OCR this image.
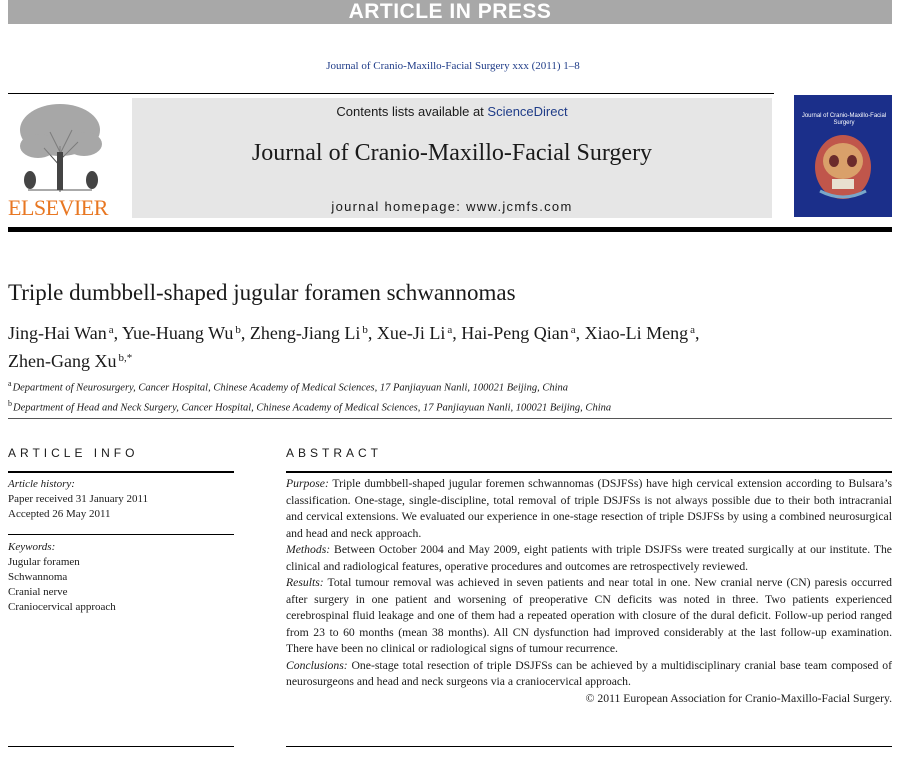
ARTICLE IN PRESS
Journal of Cranio-Maxillo-Facial Surgery xxx (2011) 1–8
ELSEVIER
Contents lists available at ScienceDirect
Journal of Cranio-Maxillo-Facial Surgery
journal homepage: www.jcmfs.com
Journal of Cranio-Maxillo-Facial Surgery
Triple dumbbell-shaped jugular foramen schwannomas
Jing-Hai Wan $^a$, Yue-Huang Wu $^b$, Zheng-Jiang Li $^b$, Xue-Ji Li $^a$, Hai-Peng Qian $^a$, Xiao-Li Meng $^a$,
Zhen-Gang Xu $^{b,*}$
$^a$Department of Neurosurgery, Cancer Hospital, Chinese Academy of Medical Sciences, 17 Panjiayuan Nanli, 100021 Beijing, China
$^b$Department of Head and Neck Surgery, Cancer Hospital, Chinese Academy of Medical Sciences, 17 Panjiayuan Nanli, 100021 Beijing, China
ARTICLE INFO	ABSTRACT
Article history:
Paper received 31 January 2011
Accepted 26 May 2011
Keywords:
Jugular foramen
Schwannoma
Cranial nerve
Craniocervical approach

Purpose: Triple dumbbell-shaped jugular foremen schwannomas (DSJFSs) have high cervical extension according to Bulsara’s classification. One-stage, single-discipline, total removal of triple DSJFSs is not always possible due to their both intracranial and cervical extensions. We evaluated our experience in one-stage resection of triple DSJFSs by using a combined neurosurgical and head and neck approach.

Methods: Between October 2004 and May 2009, eight patients with triple DSJFSs were treated surgically at our institute. The clinical and radiological features, operative procedures and outcomes are retrospectively reviewed.

Results: Total tumour removal was achieved in seven patients and near total in one. New cranial nerve (CN) paresis occurred after surgery in one patient and worsening of preoperative CN deficits was noted in three. Two patients experienced cerebrospinal fluid leakage and one of them had a repeated operation with closure of the dural deficit. Follow-up period ranged from 23 to 60 months (mean 38 months). All CN dysfunction had improved considerably at the last follow-up examination. There have been no clinical or radiological signs of tumour recurrence.

Conclusions: One-stage total resection of triple DSJFSs can be achieved by a multidisciplinary cranial base team composed of neurosurgeons and head and neck surgeons via a craniocervical approach.

© 2011 European Association for Cranio-Maxillo-Facial Surgery.
